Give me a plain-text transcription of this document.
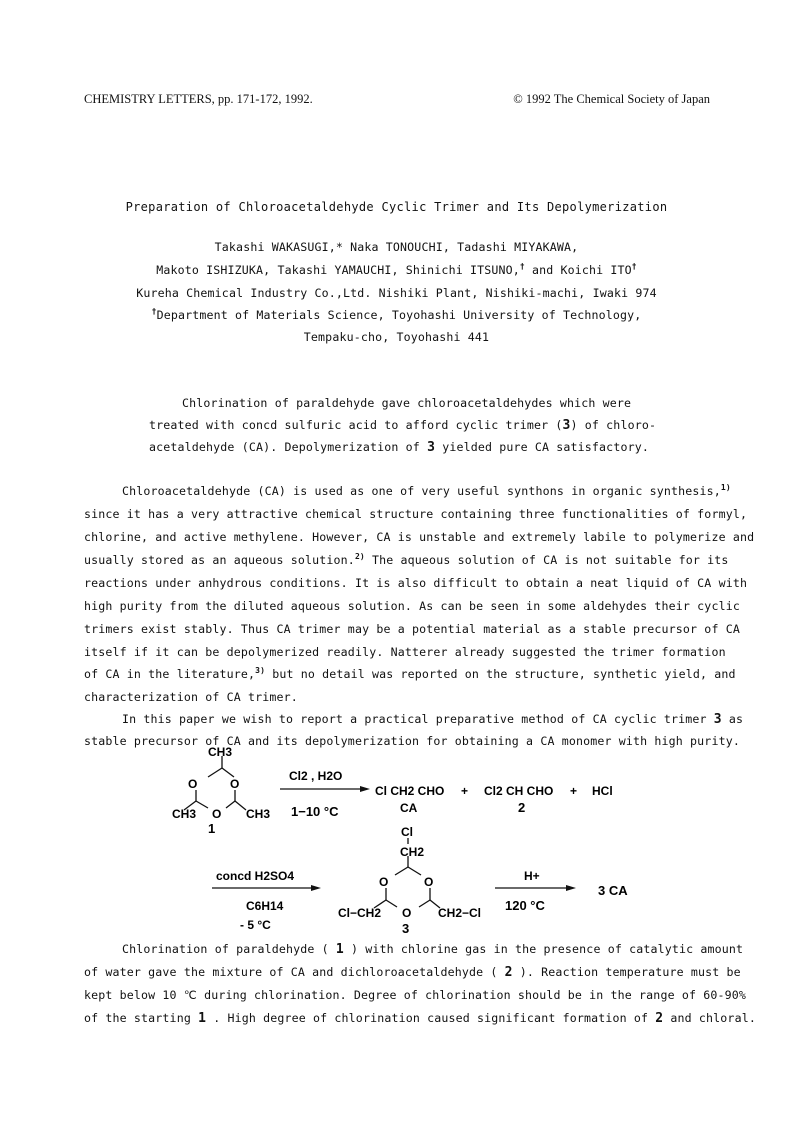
CHEMISTRY LETTERS, pp. 171-172, 1992.	© 1992 The Chemical Society of Japan
Preparation of Chloroacetaldehyde Cyclic Trimer and Its Depolymerization
Takashi WAKASUGI,* Naka TONOUCHI, Tadashi MIYAKAWA,
Makoto ISHIZUKA, Takashi YAMAUCHI, Shinichi ITSUNO,† and Koichi ITO†
Kureha Chemical Industry Co.,Ltd. Nishiki Plant, Nishiki-machi, Iwaki 974
†Department of Materials Science, Toyohashi University of Technology,
Tempaku-cho, Toyohashi 441
Chlorination of paraldehyde gave chloroacetaldehydes which were
treated with concd sulfuric acid to afford cyclic trimer (3) of chloro-
acetaldehyde (CA). Depolymerization of 3 yielded pure CA satisfactory.
Chloroacetaldehyde (CA) is used as one of very useful synthons in organic synthesis,$^{1)}$
since it has a very attractive chemical structure containing three functionalities of formyl,
chlorine, and active methylene. However, CA is unstable and extremely labile to polymerize and
usually stored as an aqueous solution.$^{2)}$ The aqueous solution of CA is not suitable for its
reactions under anhydrous conditions. It is also difficult to obtain a neat liquid of CA with
high purity from the diluted aqueous solution. As can be seen in some aldehydes their cyclic
trimers exist stably. Thus CA trimer may be a potential material as a stable precursor of CA
itself if it can be depolymerized readily. Natterer already suggested the trimer formation
of CA in the literature,$^{3)}$ but no detail was reported on the structure, synthetic yield, and
characterization of CA trimer.
In this paper we wish to report a practical preparative method of CA cyclic trimer 3 as
stable precursor of CA and its depolymerization for obtaining a CA monomer with high purity.
CH3
O	O
O
CH3	CH3
1
Cl2 , H2O
1−10 °C
Cl CH2 CHO
CA
+ Cl2 CH CHO
2
+ HCl
concd H2SO4
C6H14
- 5 °C
Cl
CH2
O	O
O
Cl−CH2	CH2−Cl
3
H+
120 °C
3 CA
Chlorination of paraldehyde ( 1 ) with chlorine gas in the presence of catalytic amount
of water gave the mixture of CA and dichloroacetaldehyde ( 2 ). Reaction temperature must be
kept below 10 ℃ during chlorination. Degree of chlorination should be in the range of 60-90%
of the starting 1 . High degree of chlorination caused significant formation of 2 and chloral.
